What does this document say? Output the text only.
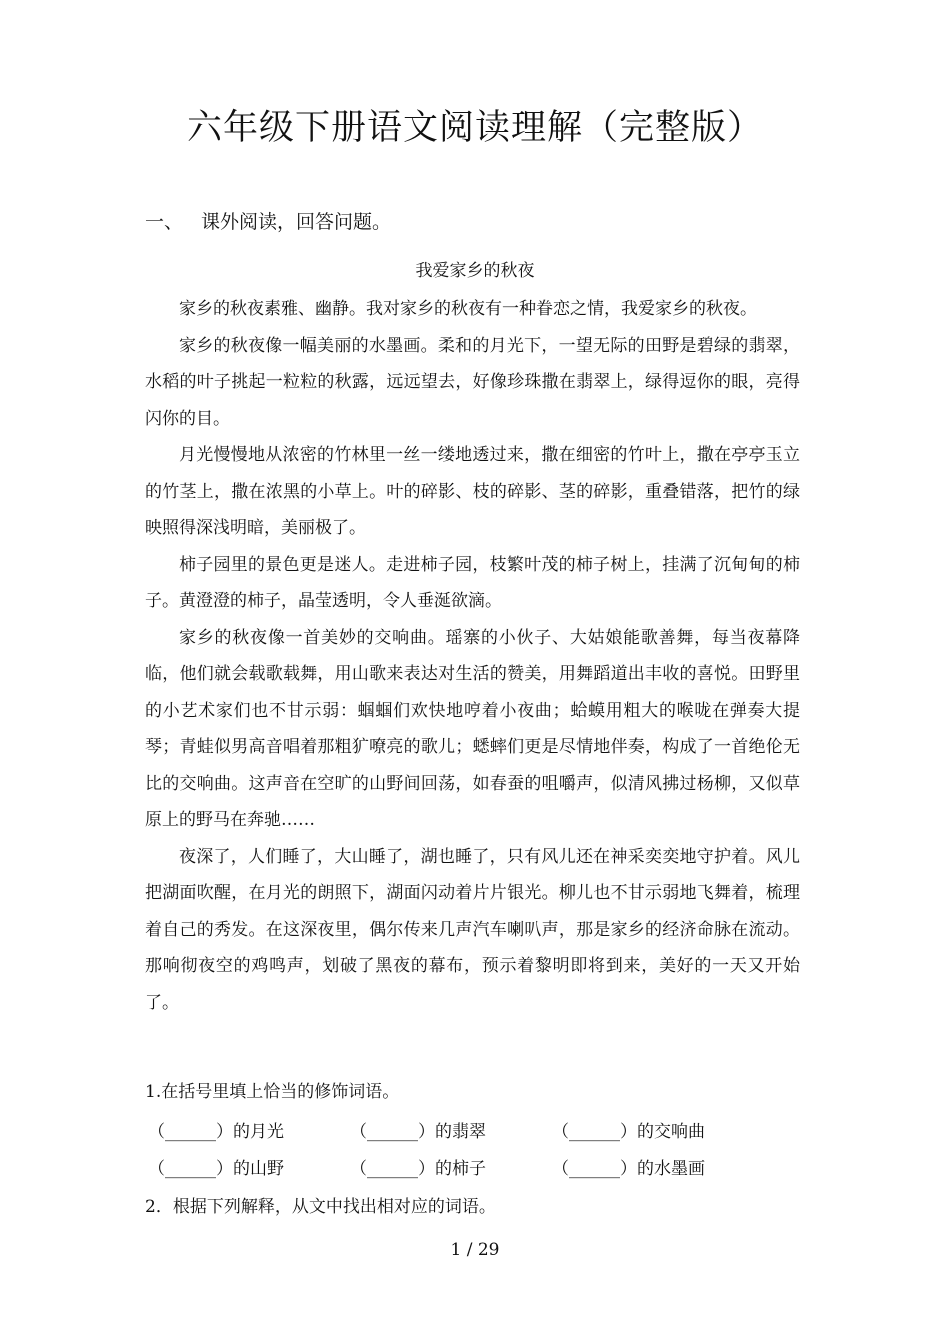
六年级下册语文阅读理解（完整版）
一、 课外阅读，回答问题。
我爱家乡的秋夜

家乡的秋夜素雅、幽静。我对家乡的秋夜有一种眷恋之情，我爱家乡的秋夜。

家乡的秋夜像一幅美丽的水墨画。柔和的月光下，一望无际的田野是碧绿的翡翠，水稻的叶子挑起一粒粒的秋露，远远望去，好像珍珠撒在翡翠上，绿得逗你的眼，亮得闪你的目。

月光慢慢地从浓密的竹林里一丝一缕地透过来，撒在细密的竹叶上，撒在亭亭玉立的竹茎上，撒在浓黑的小草上。叶的碎影、枝的碎影、茎的碎影，重叠错落，把竹的绿映照得深浅明暗，美丽极了。

柿子园里的景色更是迷人。走进柿子园，枝繁叶茂的柿子树上，挂满了沉甸甸的柿子。黄澄澄的柿子，晶莹透明，令人垂涎欲滴。

家乡的秋夜像一首美妙的交响曲。瑶寨的小伙子、大姑娘能歌善舞，每当夜幕降临，他们就会载歌载舞，用山歌来表达对生活的赞美，用舞蹈道出丰收的喜悦。田野里的小艺术家们也不甘示弱：蝈蝈们欢快地哼着小夜曲；蛤蟆用粗大的喉咙在弹奏大提琴；青蛙似男高音唱着那粗犷嘹亮的歌儿；蟋蟀们更是尽情地伴奏，构成了一首绝伦无比的交响曲。这声音在空旷的山野间回荡，如春蚕的咀嚼声，似清风拂过杨柳，又似草原上的野马在奔驰……

夜深了，人们睡了，大山睡了，湖也睡了，只有风儿还在神采奕奕地守护着。风儿把湖面吹醒，在月光的朗照下，湖面闪动着片片银光。柳儿也不甘示弱地飞舞着，梳理着自己的秀发。在这深夜里，偶尔传来几声汽车喇叭声，那是家乡的经济命脉在流动。那响彻夜空的鸡鸣声，划破了黑夜的幕布，预示着黎明即将到来，美好的一天又开始了。

1.在括号里填上恰当的修饰词语。
（______）的月光	（______）的翡翠	（______）的交响曲
（______）的山野	（______）的柿子	（______）的水墨画
2．根据下列解释，从文中找出相对应的词语。
1 / 29
